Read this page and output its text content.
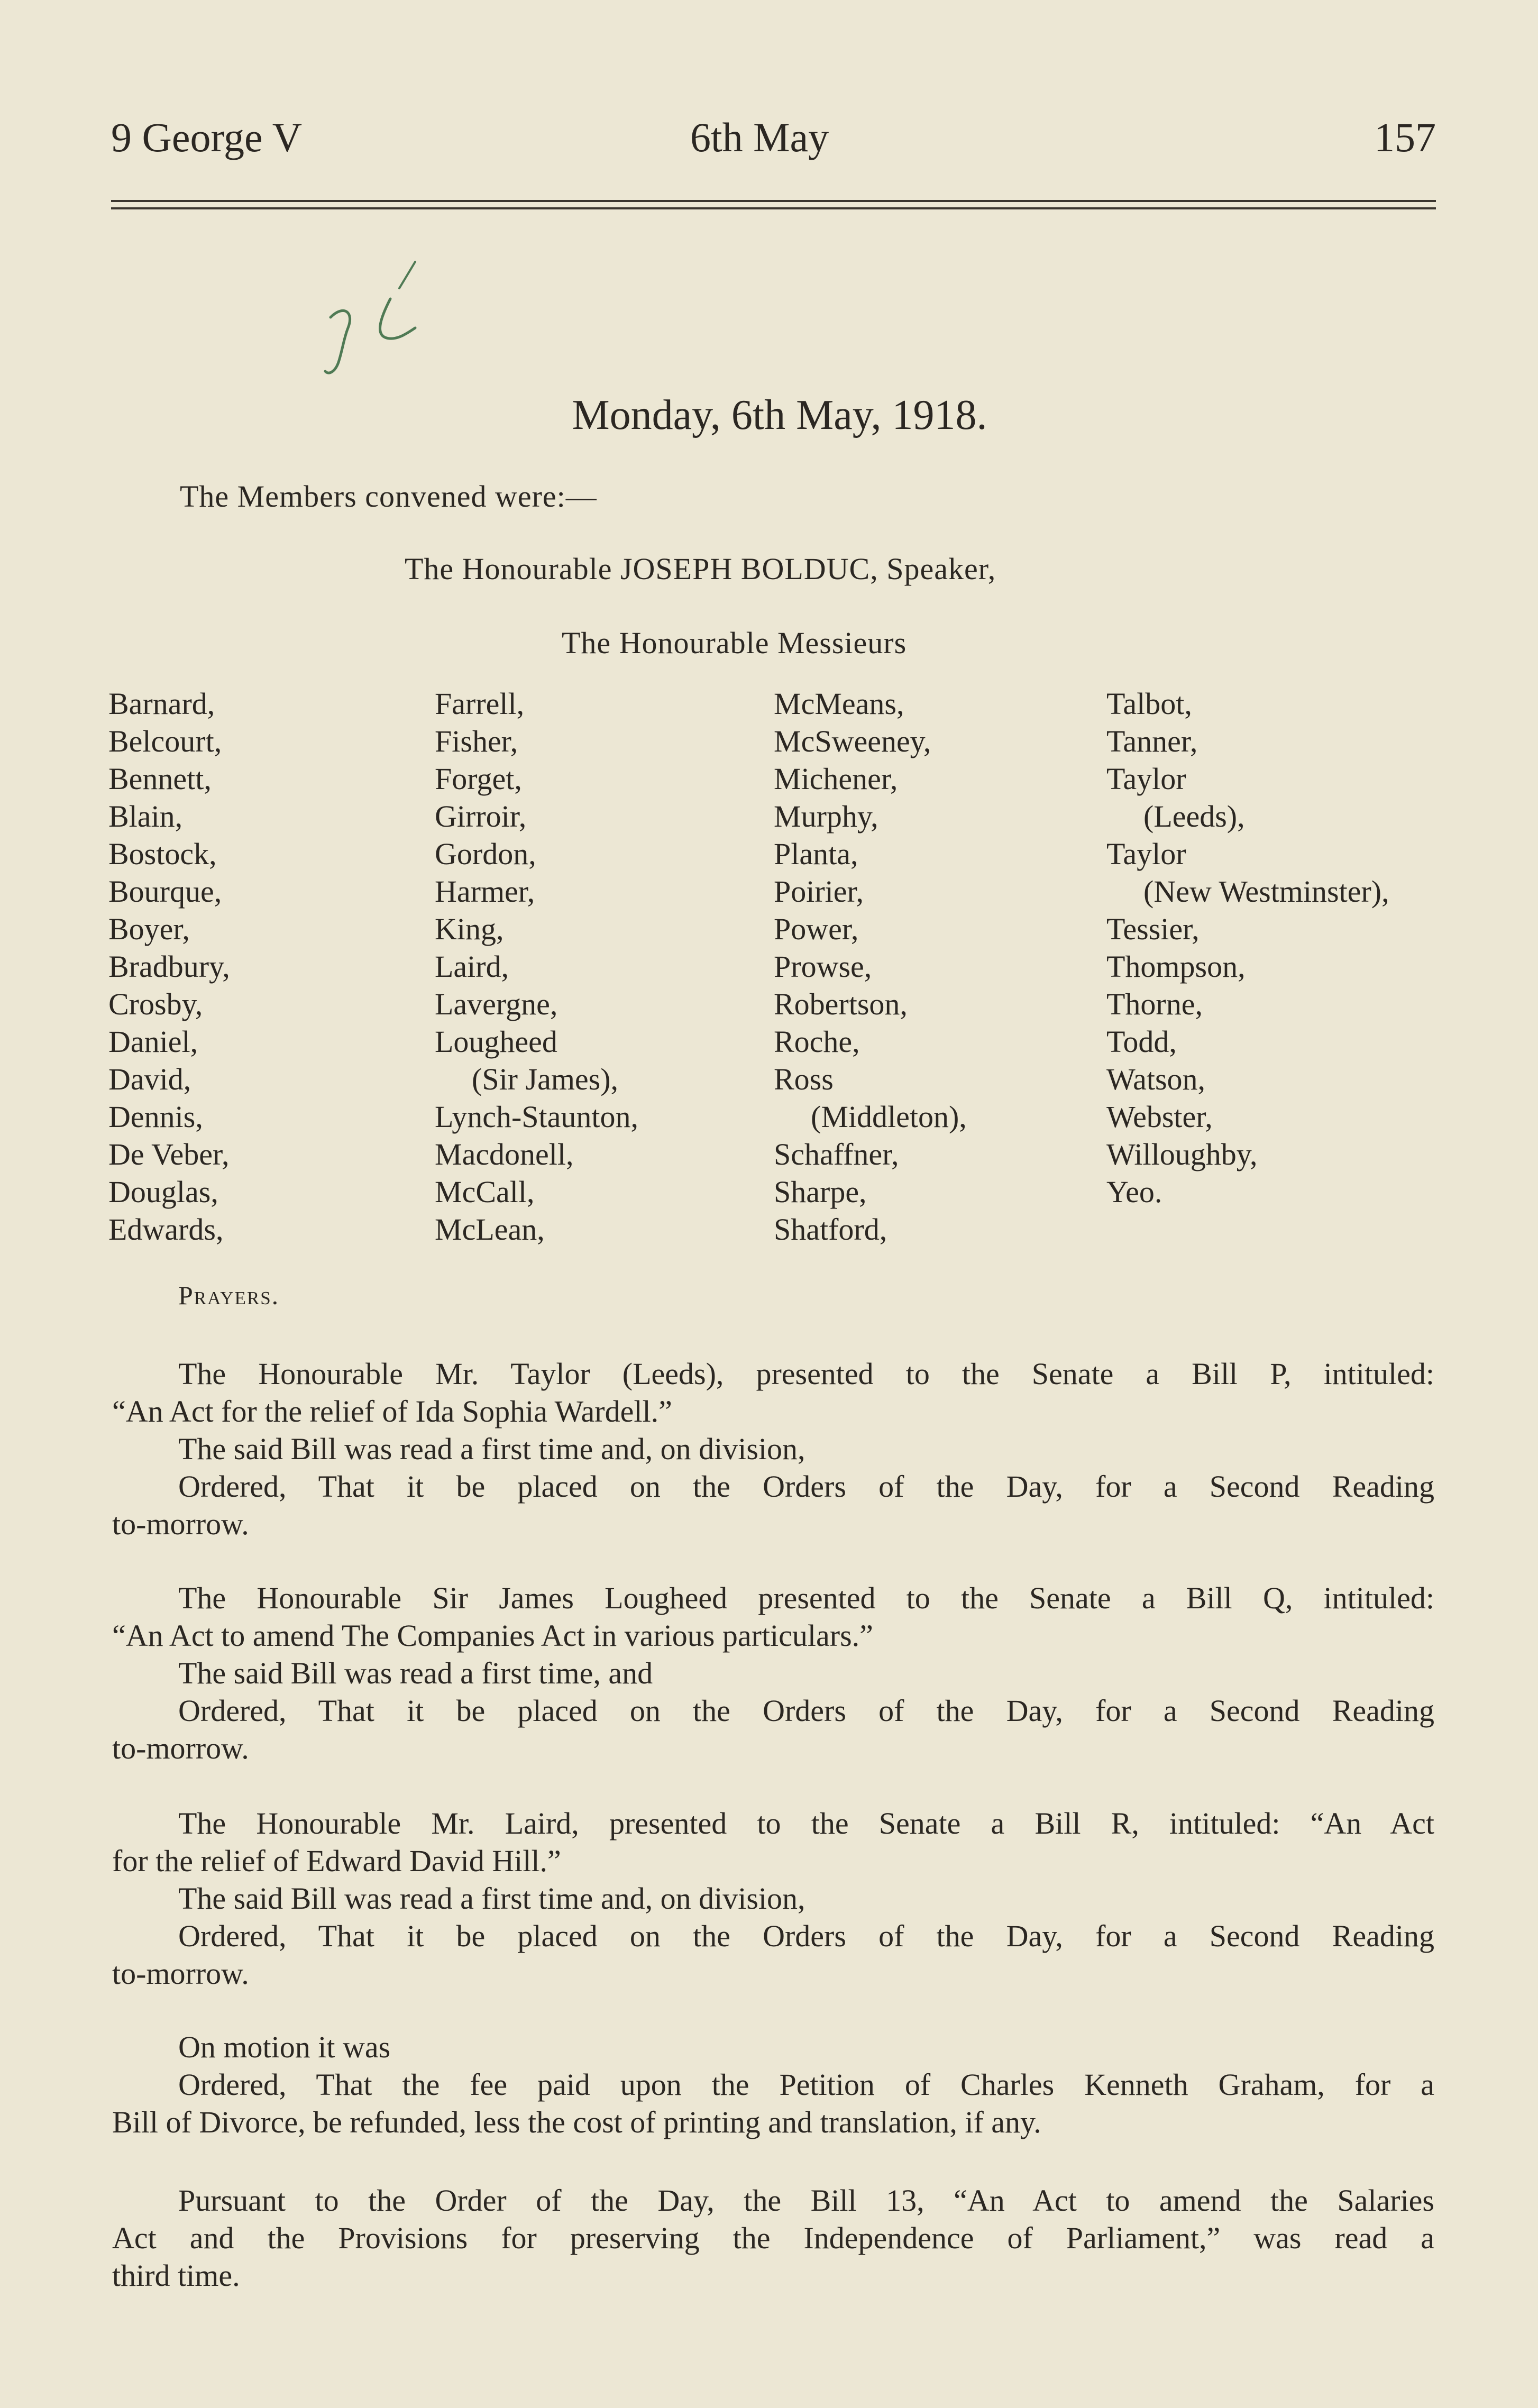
9 George V	6th May	157
Monday, 6th May, 1918.
The Members convened were:—
The Honourable JOSEPH BOLDUC, Speaker,
The Honourable Messieurs
Barnard,
Belcourt,
Bennett,
Blain,
Bostock,
Bourque,
Boyer,
Bradbury,
Crosby,
Daniel,
David,
Dennis,
De Veber,
Douglas,
Edwards,
Farrell,
Fisher,
Forget,
Girroir,
Gordon,
Harmer,
King,
Laird,
Lavergne,
Lougheed
(Sir James),
Lynch-Staunton,
Macdonell,
McCall,
McLean,
McMeans,
McSweeney,
Michener,
Murphy,
Planta,
Poirier,
Power,
Prowse,
Robertson,
Roche,
Ross
(Middleton),
Schaffner,
Sharpe,
Shatford,
Talbot,
Tanner,
Taylor
(Leeds),
Taylor
(New Westminster),
Tessier,
Thompson,
Thorne,
Todd,
Watson,
Webster,
Willoughby,
Yeo.
Prayers.
The Honourable Mr. Taylor (Leeds), presented to the Senate a Bill P, intituled:
“An Act for the relief of Ida Sophia Wardell.”
The said Bill was read a first time and, on division,
Ordered, That it be placed on the Orders of the Day, for a Second Reading
to-morrow.
The Honourable Sir James Lougheed presented to the Senate a Bill Q, intituled:
“An Act to amend The Companies Act in various particulars.”
The said Bill was read a first time, and
Ordered, That it be placed on the Orders of the Day, for a Second Reading
to-morrow.
The Honourable Mr. Laird, presented to the Senate a Bill R, intituled: “An Act
for the relief of Edward David Hill.”
The said Bill was read a first time and, on division,
Ordered, That it be placed on the Orders of the Day, for a Second Reading
to-morrow.
On motion it was
Ordered, That the fee paid upon the Petition of Charles Kenneth Graham, for a
Bill of Divorce, be refunded, less the cost of printing and translation, if any.
Pursuant to the Order of the Day, the Bill 13, “An Act to amend the Salaries
Act and the Provisions for preserving the Independence of Parliament,” was read a
third time.
